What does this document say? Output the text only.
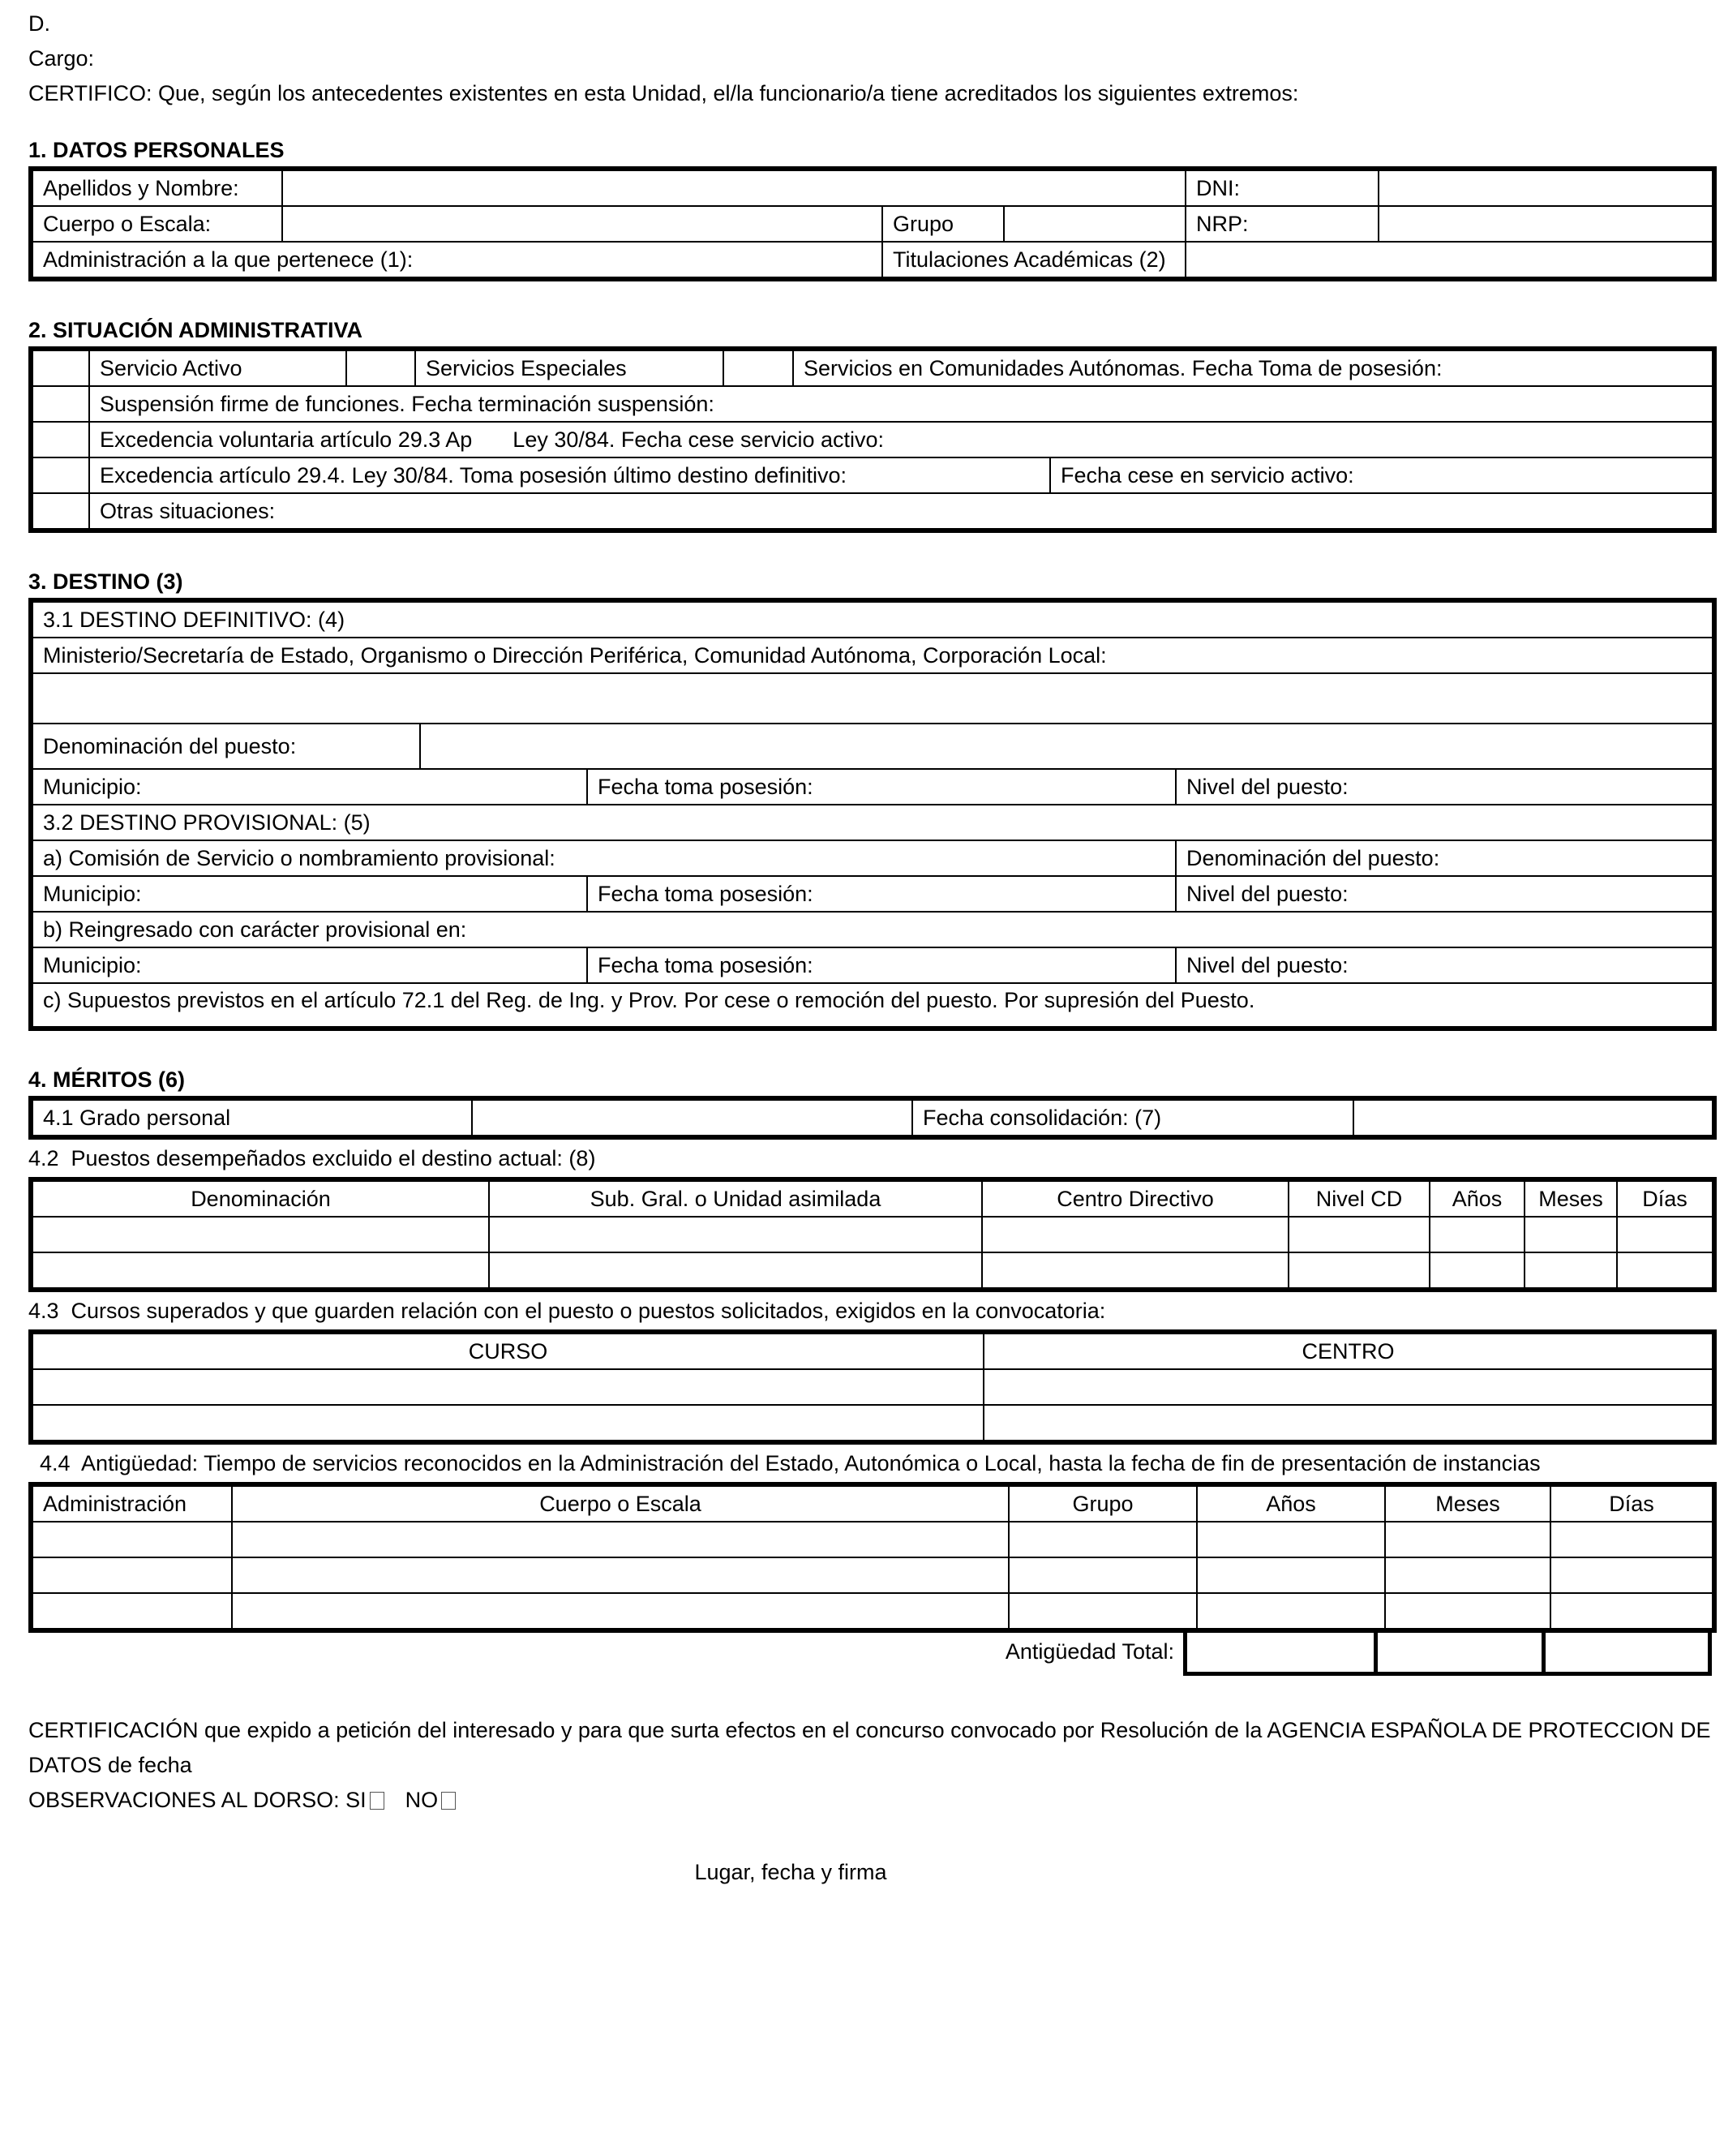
D.
Cargo:
CERTIFICO: Que, según los antecedentes existentes en esta Unidad, el/la funcionario/a tiene acreditados los siguientes extremos:
1. DATOS PERSONALES
Apellidos y Nombre:				DNI:	
Cuerpo o Escala:		Grupo		NRP:	
Administración a la que pertenece (1):		Titulaciones Académicas (2)			
2. SITUACIÓN ADMINISTRATIVA
	Servicio Activo		Servicios Especiales		Servicios en Comunidades Autónomas. Fecha Toma de posesión:	
	Suspensión firme de funciones. Fecha terminación suspensión:					
	Excedencia voluntaria artículo 29.3 Ap Ley 30/84. Fecha cese servicio activo:					
	Excedencia artículo 29.4. Ley 30/84. Toma posesión último destino definitivo:					Fecha cese en servicio activo:
	Otras situaciones:					
3. DESTINO (3)
3.1 DESTINO DEFINITIVO: (4)			
Ministerio/Secretaría de Estado, Organismo o Dirección Periférica, Comunidad Autónoma, Corporación Local:			

Denominación del puesto:			
Municipio:		Fecha toma posesión:	Nivel del puesto:
3.2 DESTINO PROVISIONAL: (5)			
a) Comisión de Servicio o nombramiento provisional:			Denominación del puesto:
Municipio:		Fecha toma posesión:	Nivel del puesto:
b) Reingresado con carácter provisional en:			
Municipio:		Fecha toma posesión:	Nivel del puesto:
c) Supuestos previstos en el artículo 72.1 del Reg. de Ing. y Prov. Por cese o remoción del puesto. Por supresión del Puesto.			
4. MÉRITOS (6)
4.1 Grado personal		Fecha consolidación: (7)	
4.2  Puestos desempeñados excluido el destino actual: (8)
Denominación	Sub. Gral. o Unidad asimilada	Centro Directivo	Nivel CD	Años	Meses	Días

4.3  Cursos superados y que guarden relación con el puesto o puestos solicitados, exigidos en la convocatoria:
CURSO	CENTRO

4.4  Antigüedad: Tiempo de servicios reconocidos en la Administración del Estado, Autonómica o Local, hasta la fecha de fin de presentación de instancias
Administración	Cuerpo o Escala	Grupo	Años	Meses	Días

Antigüedad Total:

CERTIFICACIÓN que expido a petición del interesado y para que surta efectos en el concurso convocado por Resolución de la AGENCIA ESPAÑOLA DE PROTECCION DE DATOS de fecha
OBSERVACIONES AL DORSO: SI NO
Lugar, fecha y firma
